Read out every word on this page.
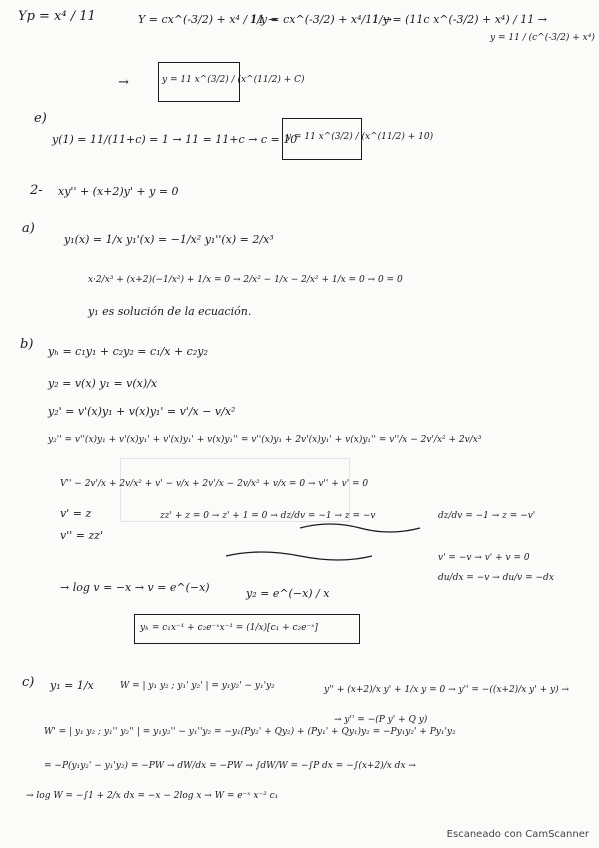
Yp = x⁴ / 11	Y = cx^(-3/2) + x⁴ / 11 →
1/y = cx^(-3/2) + x⁴/11 →
1/y = (11c x^(-3/2) + x⁴) / 11 →
y = 11 / (c^(-3/2) + x⁴)
→	y = 11 x^(3/2) / (x^(11/2) + C)
e)
y(1) = 11/(11+c) = 1 → 11 = 11+c → c = 10
y = 11 x^(3/2) / (x^(11/2) + 10)
2- xy'' + (x+2)y' + y = 0
a)
y₁(x) = 1/x y₁'(x) = −1/x² y₁''(x) = 2/x³
x·2/x³ + (x+2)(−1/x²) + 1/x = 0 → 2/x² − 1/x − 2/x² + 1/x = 0 → 0 = 0
y₁ es solución de la ecuación.
b) yₕ = c₁y₁ + c₂y₂ = c₁/x + c₂y₂
y₂ = v(x) y₁ = v(x)/x
y₂' = v'(x)y₁ + v(x)y₁' = v'/x − v/x²
y₂'' = v''(x)y₁ + v'(x)y₁' + v'(x)y₁' + v(x)y₁'' = v''(x)y₁ + 2v'(x)y₁' + v(x)y₁'' = v''/x − 2v'/x² + 2v/x³
V'' − 2v'/x + 2v/x² + v' − v/x + 2v'/x − 2v/x² + v/x = 0 → v'' + v' = 0
v' = z	zz' + z = 0 → z' + 1 = 0 → dz/dv = −1 → z = −v	dz/dv = −1 → z = −v'
v'' = zz'
v' = −v → v' + v = 0
du/dx = −v → du/v = −dx
→ log v = −x → v = e^(−x)	y₂ = e^(−x) / x
yₕ = c₁x⁻¹ + c₂e⁻ˣx⁻¹ = (1/x)[c₁ + c₂e⁻ˣ]
c) y₁ = 1/x	W = | y₁ y₂ ; y₁' y₂' | = y₁y₂' − y₁'y₂	y'' + (x+2)/x y' + 1/x y = 0 → y'' = −((x+2)/x y' + y) →
→ y'' = −(P y' + Q y)
W' = | y₁ y₂ ; y₁'' y₂'' | = y₁y₂'' − y₁''y₂ = −y₁(Py₂' + Qy₂) + (Py₁' + Qy₁)y₂ = −Py₁y₂' + Py₁'y₂
= −P(y₁y₂' − y₁'y₂) = −PW → dW/dx = −PW → ∫dW/W = −∫P dx = −∫(x+2)/x dx →
→ log W = −∫1 + 2/x dx = −x − 2log x → W = e⁻ˣ x⁻² c₁
Escaneado con CamScanner
